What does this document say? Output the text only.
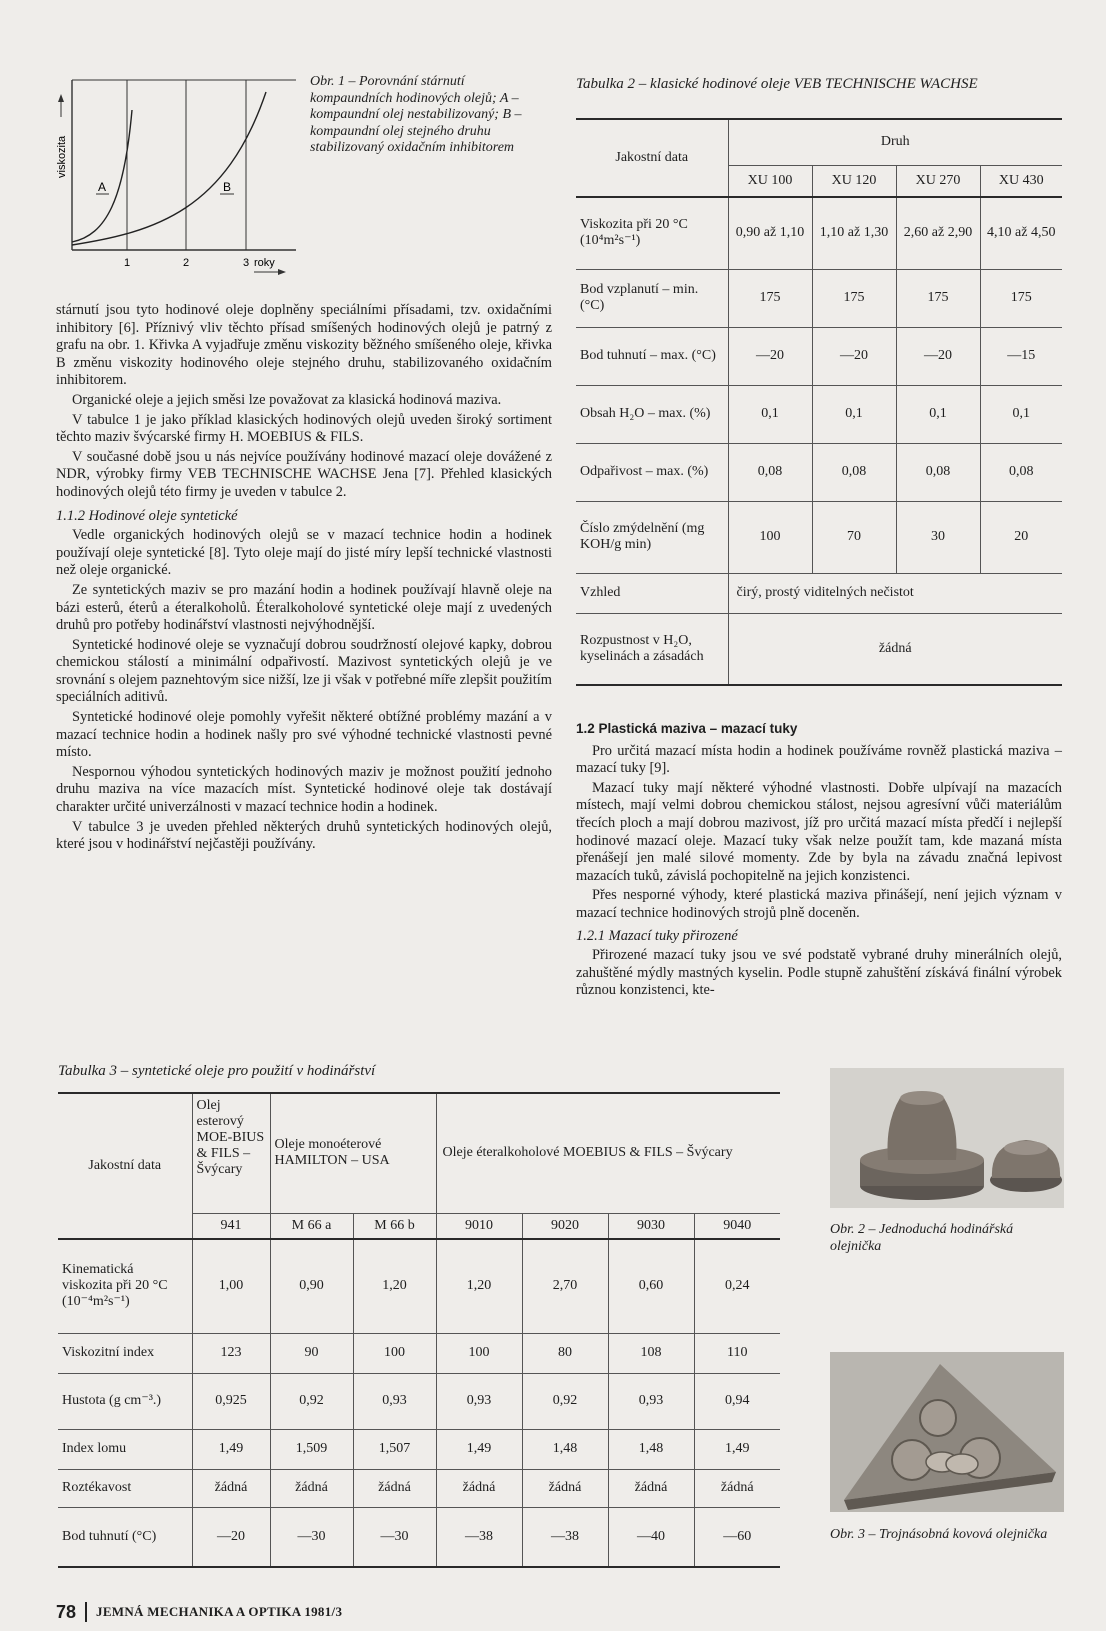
A	B
viskozita
1	2	3 roky
Obr. 1 – Porovnání stárnutí kompaundních hodinových olejů; A – kompaundní olej nestabilizovaný; B – kompaundní olej stejného druhu stabilizovaný oxidačním inhibitorem

stárnutí jsou tyto hodinové oleje doplněny speciálními přísadami, tzv. oxidačními inhibitory [6]. Příznivý vliv těchto přísad smíšených hodinových olejů je patrný z grafu na obr. 1. Křivka A vyjadřuje změnu viskozity běžného smíšeného oleje, křivka B změnu viskozity hodinového oleje stejného druhu, stabilizovaného oxidačním inhibitorem.

Organické oleje a jejich směsi lze považovat za klasická hodinová maziva.

V tabulce 1 je jako příklad klasických hodinových olejů uveden široký sortiment těchto maziv švýcarské firmy H. MOEBIUS & FILS.

V současné době jsou u nás nejvíce používány hodinové mazací oleje dovážené z NDR, výrobky firmy VEB TECHNISCHE WACHSE Jena [7]. Přehled klasických hodinových olejů této firmy je uveden v tabulce 2.

1.1.2 Hodinové oleje syntetické

Vedle organických hodinových olejů se v mazací technice hodin a hodinek používají oleje syntetické [8]. Tyto oleje mají do jisté míry lepší technické vlastnosti než oleje organické.

Ze syntetických maziv se pro mazání hodin a hodinek používají hlavně oleje na bázi esterů, éterů a éteralkoholů. Éteralkoholové syntetické oleje mají z uvedených druhů pro potřeby hodinářství vlastnosti nejvýhodnější.

Syntetické hodinové oleje se vyznačují dobrou soudržností olejové kapky, dobrou chemickou stálostí a minimální odpařivostí. Mazivost syntetických olejů je ve srovnání s olejem paznehtovým sice nižší, lze ji však v potřebné míře zlepšit použitím speciálních aditivů.

Syntetické hodinové oleje pomohly vyřešit některé obtížné problémy mazání a v mazací technice hodin a hodinek našly pro své výhodné technické vlastnosti pevné místo.

Nespornou výhodou syntetických hodinových maziv je možnost použití jednoho druhu maziva na více mazacích míst. Syntetické hodinové oleje tak dostávají charakter určité univerzálnosti v mazací technice hodin a hodinek.

V tabulce 3 je uveden přehled některých druhů syntetických hodinových olejů, které jsou v hodinářství nejčastěji používány.

Tabulka 2 – klasické hodinové oleje VEB TECHNISCHE WACHSE
Jakostní data	Druh			
	XU 100	XU 120	XU 270	XU 430
Viskozita při 20 °C (10⁴m²s⁻¹)	0,90 až 1,10	1,10 až 1,30	2,60 až 2,90	4,10 až 4,50
Bod vzplanutí – min. (°C)	175	175	175	175
Bod tuhnutí – max. (°C)	—20	—20	—20	—15
Obsah H₂O – max. (%)	0,1	0,1	0,1	0,1
Odpařivost – max. (%)	0,08	0,08	0,08	0,08
Číslo zmýdelnění (mg KOH/g min)	100	70	30	20
Vzhled	čirý, prostý viditelných nečistot			
Rozpustnost v H₂O, kyselinách a zásadách	žádná			
1.2 Plastická maziva – mazací tuky

Pro určitá mazací místa hodin a hodinek používáme rovněž plastická maziva – mazací tuky [9].

Mazací tuky mají některé výhodné vlastnosti. Dobře ulpívají na mazacích místech, mají velmi dobrou chemickou stálost, nejsou agresívní vůči materiálům třecích ploch a mají dobrou mazivost, jíž pro určitá mazací místa předčí i nejlepší hodinové mazací oleje. Mazací tuky však nelze použít tam, kde mazaná místa přenášejí jen malé silové momenty. Zde by byla na závadu značná lepivost mazacích tuků, závislá pochopitelně na jejich konzistenci.

Přes nesporné výhody, které plastická maziva přinášejí, není jejich význam v mazací technice hodinových strojů plně doceněn.

1.2.1 Mazací tuky přirozené

Přirozené mazací tuky jsou ve své podstatě vybrané druhy minerálních olejů, zahuštěné mýdly mastných kyselin. Podle stupně zahuštění získává finální výrobek různou konzistenci, kte-

Tabulka 3 – syntetické oleje pro použití v hodinářství
Jakostní data	Olej esterový MOE-BIUS & FILS – Švýcary	Oleje monoéterové HAMILTON – USA		Oleje éteralkoholové MOEBIUS & FILS – Švýcary			
	941	M 66 a	M 66 b	9010	9020	9030	9040
Kinematická viskozita při 20 °C (10⁻⁴m²s⁻¹)	1,00	0,90	1,20	1,20	2,70	0,60	0,24
Viskozitní index	123	90	100	100	80	108	110
Hustota (g cm⁻³.)	0,925	0,92	0,93	0,93	0,92	0,93	0,94
Index lomu	1,49	1,509	1,507	1,49	1,48	1,48	1,49
Roztékavost	žádná	žádná	žádná	žádná	žádná	žádná	žádná
Bod tuhnutí (°C)	—20	—30	—30	—38	—38	—40	—60
Obr. 2 – Jednoduchá hodinářská olejnička
Obr. 3 – Trojnásobná kovová olejnička
78 JEMNÁ MECHANIKA A OPTIKA 1981/3
